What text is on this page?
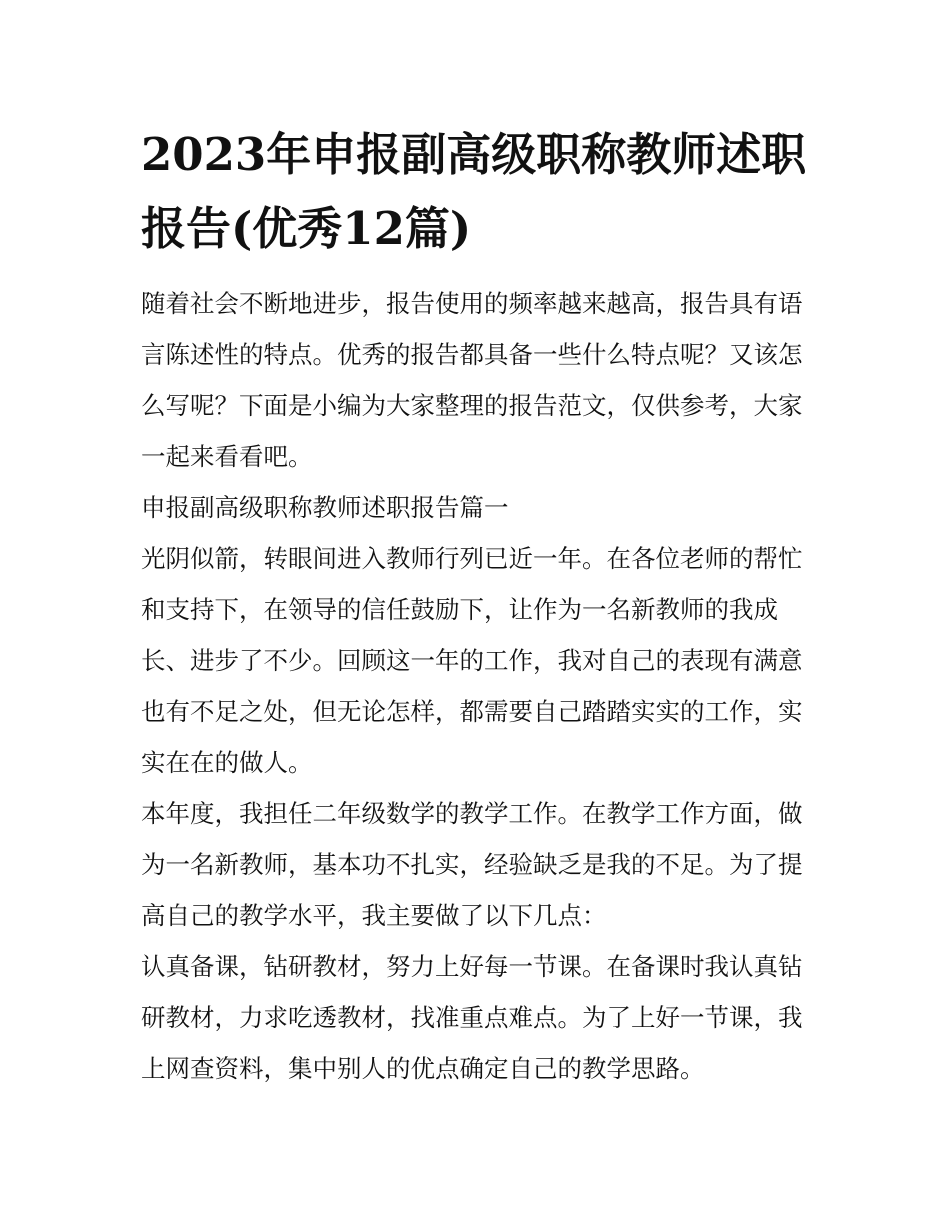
2023年申报副高级职称教师述职报告(优秀12篇)

随着社会不断地进步，报告使用的频率越来越高，报告具有语言陈述性的特点。优秀的报告都具备一些什么特点呢？又该怎么写呢？下面是小编为大家整理的报告范文，仅供参考，大家一起来看看吧。

申报副高级职称教师述职报告篇一

光阴似箭，转眼间进入教师行列已近一年。在各位老师的帮忙和支持下，在领导的信任鼓励下，让作为一名新教师的我成长、进步了不少。回顾这一年的工作，我对自己的表现有满意也有不足之处，但无论怎样，都需要自己踏踏实实的工作，实实在在的做人。

本年度，我担任二年级数学的教学工作。在教学工作方面，做为一名新教师，基本功不扎实，经验缺乏是我的不足。为了提高自己的教学水平，我主要做了以下几点：

认真备课，钻研教材，努力上好每一节课。在备课时我认真钻研教材，力求吃透教材，找准重点难点。为了上好一节课，我上网查资料，集中别人的优点确定自己的教学思路。
